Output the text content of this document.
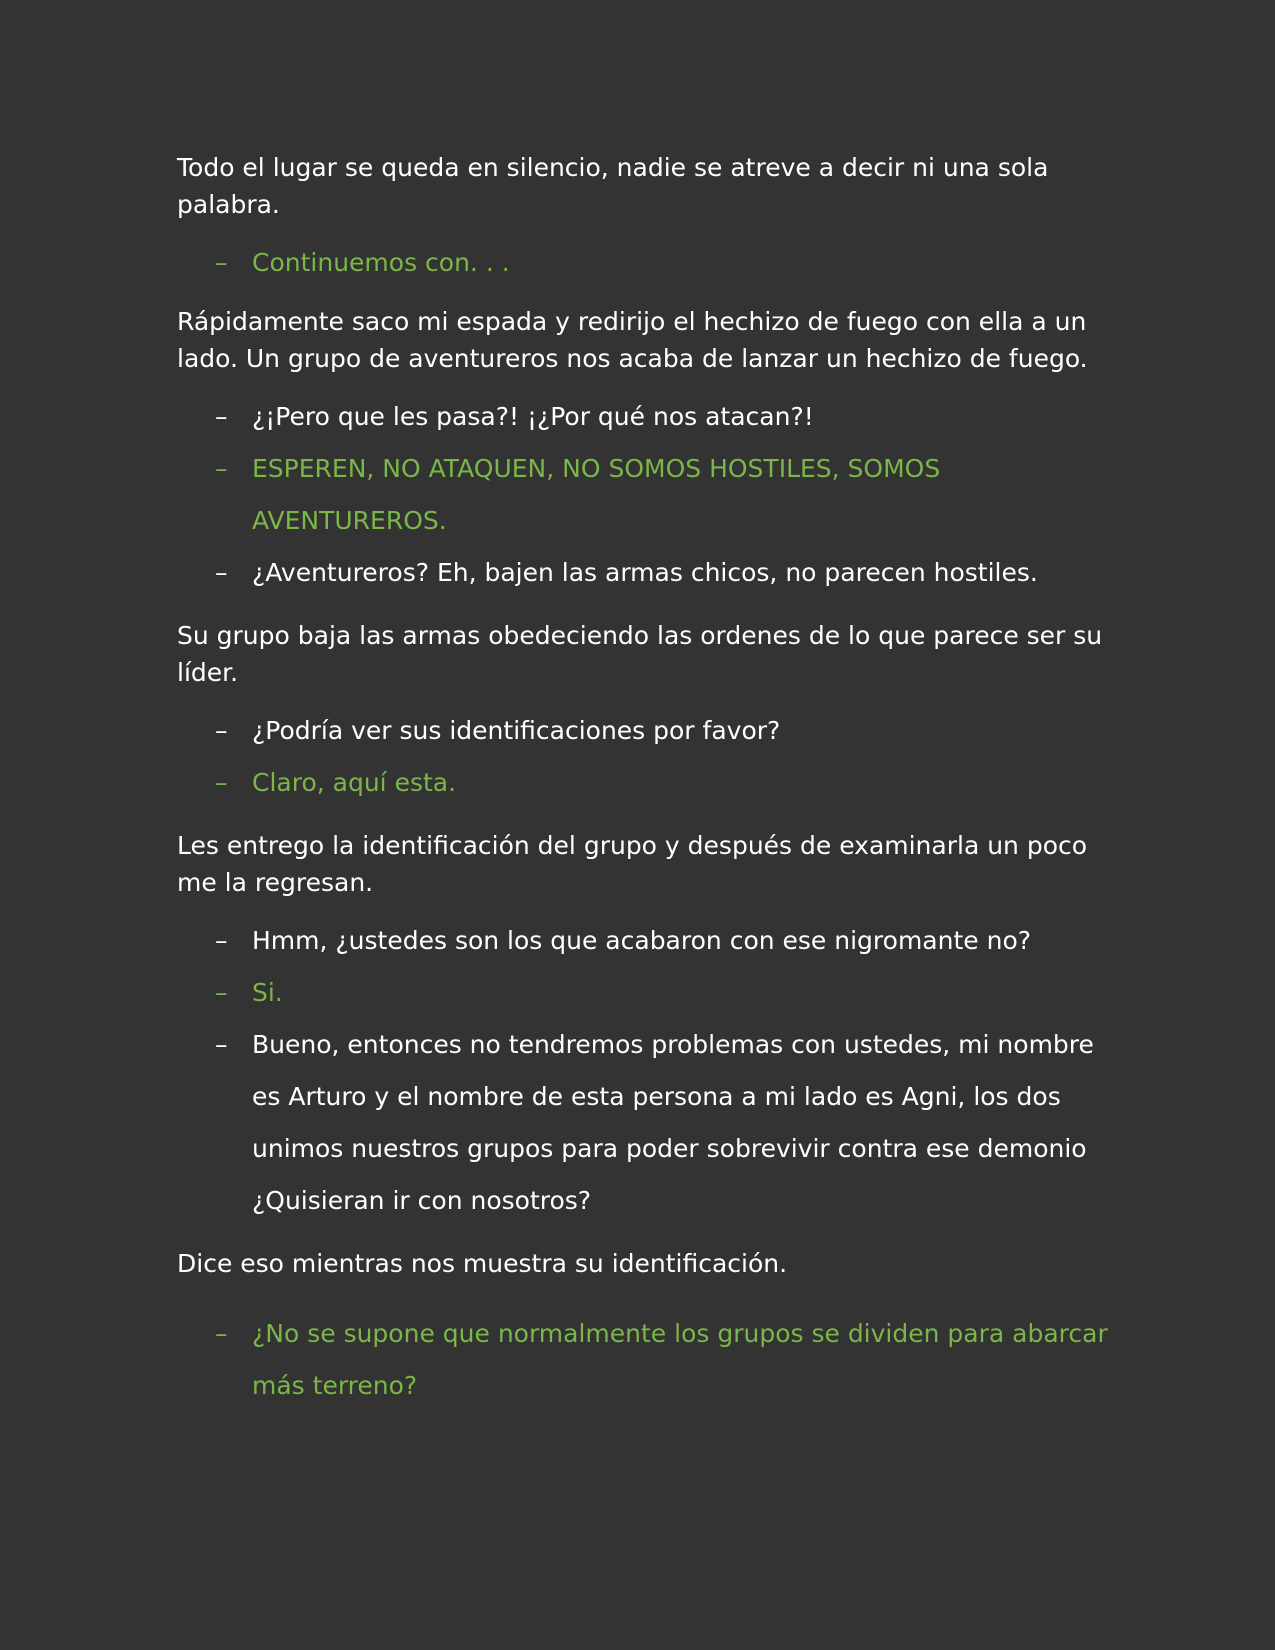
Todo el lugar se queda en silencio, nadie se atreve a decir ni una sola palabra.

– Continuemos con. . .

Rápidamente saco mi espada y redirijo el hechizo de fuego con ella a un lado. Un grupo de aventureros nos acaba de lanzar un hechizo de fuego.

– ¿¡Pero que les pasa?! ¡¿Por qué nos atacan?!
– ESPEREN, NO ATAQUEN, NO SOMOS HOSTILES, SOMOS AVENTUREROS.
– ¿Aventureros? Eh, bajen las armas chicos, no parecen hostiles.

Su grupo baja las armas obedeciendo las ordenes de lo que parece ser su líder.

– ¿Podría ver sus identificaciones por favor?
– Claro, aquí esta.

Les entrego la identificación del grupo y después de examinarla un poco me la regresan.

– Hmm, ¿ustedes son los que acabaron con ese nigromante no?
– Si.
– Bueno, entonces no tendremos problemas con ustedes, mi nombre es Arturo y el nombre de esta persona a mi lado es Agni, los dos unimos nuestros grupos para poder sobrevivir contra ese demonio ¿Quisieran ir con nosotros?

Dice eso mientras nos muestra su identificación.

– ¿No se supone que normalmente los grupos se dividen para abarcar más terreno?
